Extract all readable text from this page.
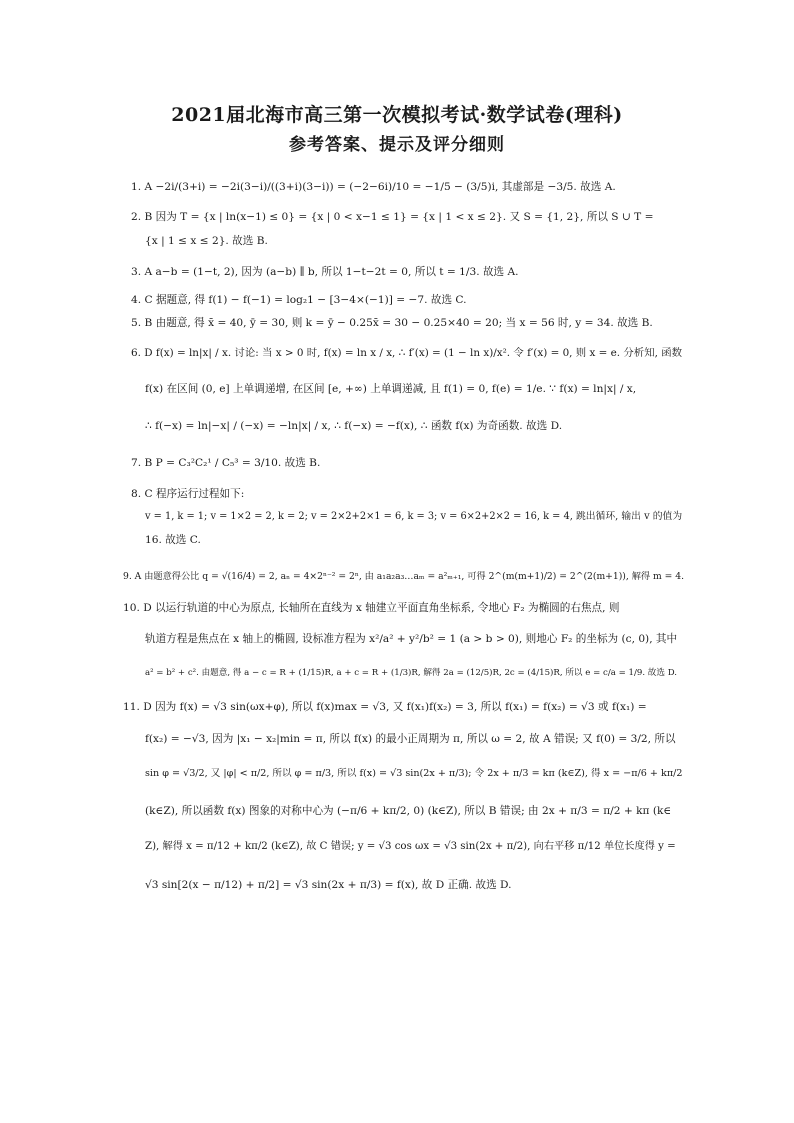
2021届北海市高三第一次模拟考试·数学试卷(理科)
参考答案、提示及评分细则
1. A −2i/(3+i) = −2i(3−i)/((3+i)(3−i)) = (−2−6i)/10 = −1/5 − (3/5)i, 其虚部是 −3/5. 故选 A.
2. B 因为 T = {x | ln(x−1) ≤ 0} = {x | 0 < x−1 ≤ 1} = {x | 1 < x ≤ 2}. 又 S = {1, 2}, 所以 S ∪ T =
{x | 1 ≤ x ≤ 2}. 故选 B.
3. A a−b = (1−t, 2), 因为 (a−b) ∥ b, 所以 1−t−2t = 0, 所以 t = 1/3. 故选 A.
4. C 据题意, 得 f(1) − f(−1) = log₂1 − [3−4×(−1)] = −7. 故选 C.
5. B 由题意, 得 x̄ = 40, ȳ = 30, 则 k = ȳ − 0.25x̄ = 30 − 0.25×40 = 20; 当 x = 56 时, y = 34. 故选 B.
6. D f(x) = ln|x| / x. 讨论: 当 x > 0 时, f(x) = ln x / x, ∴ f′(x) = (1 − ln x)/x². 令 f′(x) = 0, 则 x = e. 分析知, 函数
f(x) 在区间 (0, e] 上单调递增, 在区间 [e, +∞) 上单调递减, 且 f(1) = 0, f(e) = 1/e. ∵ f(x) = ln|x| / x,
∴ f(−x) = ln|−x| / (−x) = −ln|x| / x, ∴ f(−x) = −f(x), ∴ 函数 f(x) 为奇函数. 故选 D.
7. B P = C₃²C₂¹ / C₅³ = 3/10. 故选 B.
8. C 程序运行过程如下:
v = 1, k = 1; v = 1×2 = 2, k = 2; v = 2×2+2×1 = 6, k = 3; v = 6×2+2×2 = 16, k = 4, 跳出循环, 输出 v 的值为
16. 故选 C.
9. A 由题意得公比 q = √(16/4) = 2, aₙ = 4×2ⁿ⁻² = 2ⁿ, 由 a₁a₂a₃…aₘ = a²ₘ₊₁, 可得 2^(m(m+1)/2) = 2^(2(m+1)), 解得 m = 4.
10. D 以运行轨道的中心为原点, 长轴所在直线为 x 轴建立平面直角坐标系, 令地心 F₂ 为椭圆的右焦点, 则
轨道方程是焦点在 x 轴上的椭圆, 设标准方程为 x²/a² + y²/b² = 1 (a > b > 0), 则地心 F₂ 的坐标为 (c, 0), 其中
a² = b² + c². 由题意, 得 a − c = R + (1/15)R, a + c = R + (1/3)R, 解得 2a = (12/5)R, 2c = (4/15)R, 所以 e = c/a = 1/9. 故选 D.
11. D 因为 f(x) = √3 sin(ωx+φ), 所以 f(x)max = √3, 又 f(x₁)f(x₂) = 3, 所以 f(x₁) = f(x₂) = √3 或 f(x₁) =
f(x₂) = −√3, 因为 |x₁ − x₂|min = π, 所以 f(x) 的最小正周期为 π, 所以 ω = 2, 故 A 错误; 又 f(0) = 3/2, 所以
sin φ = √3/2, 又 |φ| < π/2, 所以 φ = π/3, 所以 f(x) = √3 sin(2x + π/3); 令 2x + π/3 = kπ (k∈Z), 得 x = −π/6 + kπ/2
(k∈Z), 所以函数 f(x) 图象的对称中心为 (−π/6 + kπ/2, 0) (k∈Z), 所以 B 错误; 由 2x + π/3 = π/2 + kπ (k∈
Z), 解得 x = π/12 + kπ/2 (k∈Z), 故 C 错误; y = √3 cos ωx = √3 sin(2x + π/2), 向右平移 π/12 单位长度得 y =
√3 sin[2(x − π/12) + π/2] = √3 sin(2x + π/3) = f(x), 故 D 正确. 故选 D.
